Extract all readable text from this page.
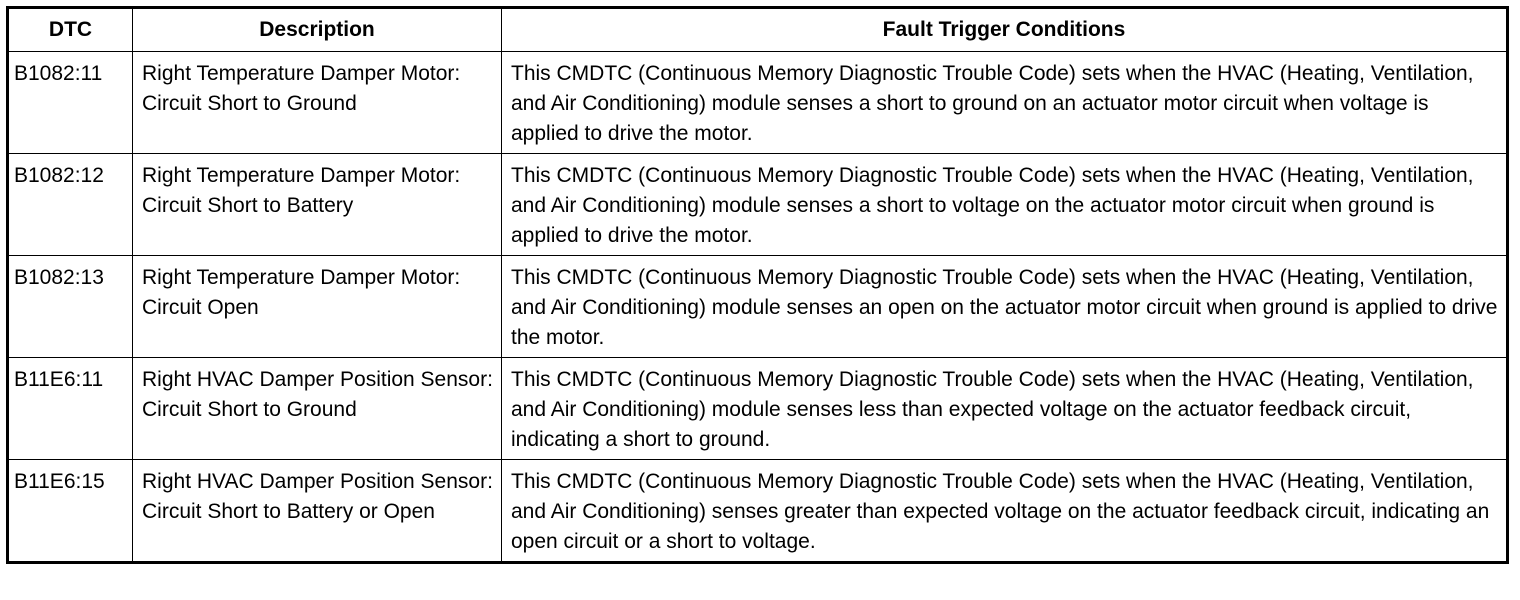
DTC	Description	Fault Trigger Conditions
B1082:11	Right Temperature Damper Motor: Circuit Short to Ground	This CMDTC (Continuous Memory Diagnostic Trouble Code) sets when the HVAC (Heating, Ventilation, and Air Conditioning) module senses a short to ground on an actuator motor circuit when voltage is applied to drive the motor.
B1082:12	Right Temperature Damper Motor: Circuit Short to Battery	This CMDTC (Continuous Memory Diagnostic Trouble Code) sets when the HVAC (Heating, Ventilation, and Air Conditioning) module senses a short to voltage on the actuator motor circuit when ground is applied to drive the motor.
B1082:13	Right Temperature Damper Motor: Circuit Open	This CMDTC (Continuous Memory Diagnostic Trouble Code) sets when the HVAC (Heating, Ventilation, and Air Conditioning) module senses an open on the actuator motor circuit when ground is applied to drive the motor.
B11E6:11	Right HVAC Damper Position Sensor: Circuit Short to Ground	This CMDTC (Continuous Memory Diagnostic Trouble Code) sets when the HVAC (Heating, Ventilation, and Air Conditioning) module senses less than expected voltage on the actuator feedback circuit, indicating a short to ground.
B11E6:15	Right HVAC Damper Position Sensor: Circuit Short to Battery or Open	This CMDTC (Continuous Memory Diagnostic Trouble Code) sets when the HVAC (Heating, Ventilation, and Air Conditioning) senses greater than expected voltage on the actuator feedback circuit, indicating an open circuit or a short to voltage.
